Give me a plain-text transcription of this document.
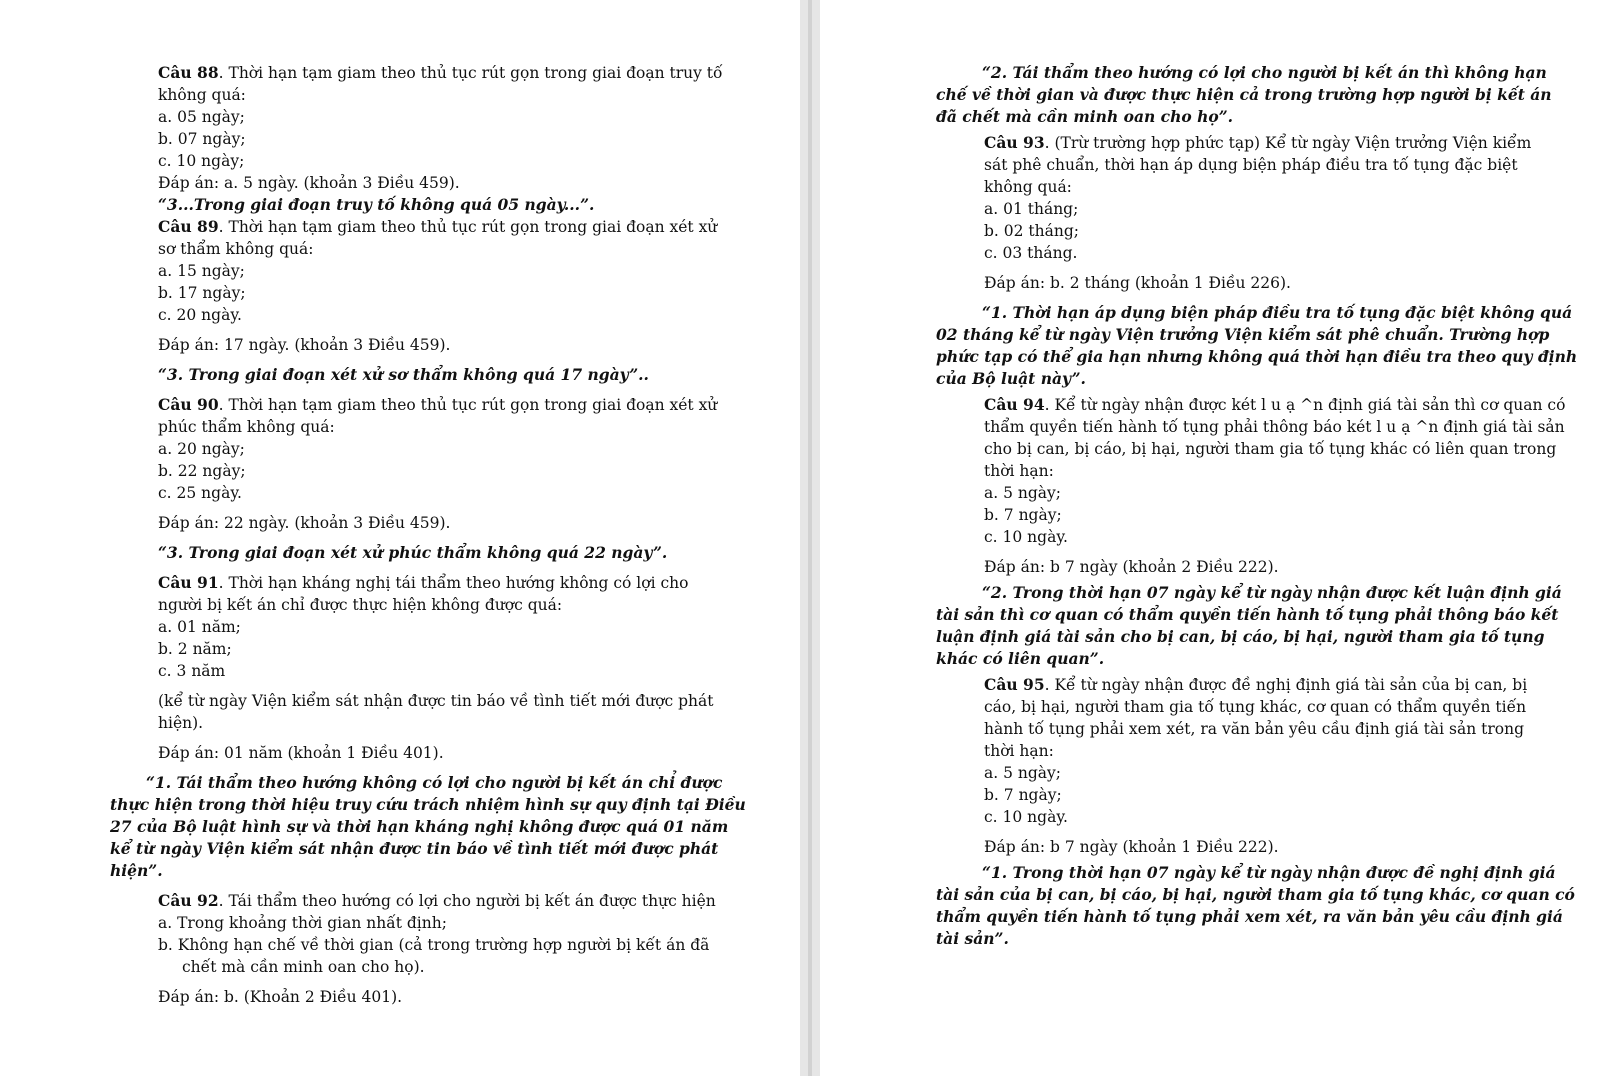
Câu 88. Thời hạn tạm giam theo thủ tục rút gọn trong giai đoạn truy tố
không quá:
a. 05 ngày;
b. 07 ngày;
c. 10 ngày;
Đáp án: a. 5 ngày. (khoản 3 Điều 459).
“3...Trong giai đoạn truy tố không quá 05 ngày...”.
Câu 89. Thời hạn tạm giam theo thủ tục rút gọn trong giai đoạn xét xử
sơ thẩm không quá:
a. 15 ngày;
b. 17 ngày;
c. 20 ngày.
Đáp án: 17 ngày. (khoản 3 Điều 459).
“3. Trong giai đoạn xét xử sơ thẩm không quá 17 ngày”..
Câu 90. Thời hạn tạm giam theo thủ tục rút gọn trong giai đoạn xét xử
phúc thẩm không quá:
a. 20 ngày;
b. 22 ngày;
c. 25 ngày.
Đáp án: 22 ngày. (khoản 3 Điều 459).
“3. Trong giai đoạn xét xử phúc thẩm không quá 22 ngày”.
Câu 91. Thời hạn kháng nghị tái thẩm theo hướng không có lợi cho
người bị kết án chỉ được thực hiện không được quá:
a. 01 năm;
b. 2 năm;
c. 3 năm
(kể từ ngày Viện kiểm sát nhận được tin báo về tình tiết mới được phát
hiện).
Đáp án: 01 năm (khoản 1 Điều 401).
“1. Tái thẩm theo hướng không có lợi cho người bị kết án chỉ được
thực hiện trong thời hiệu truy cứu trách nhiệm hình sự quy định tại Điều
27 của Bộ luật hình sự và thời hạn kháng nghị không được quá 01 năm
kể từ ngày Viện kiểm sát nhận được tin báo về tình tiết mới được phát
hiện”.
Câu 92. Tái thẩm theo hướng có lợi cho người bị kết án được thực hiện
a. Trong khoảng thời gian nhất định;
b. Không hạn chế về thời gian (cả trong trường hợp người bị kết án đã
chết mà cần minh oan cho họ).
Đáp án: b. (Khoản 2 Điều 401).
“2. Tái thẩm theo hướng có lợi cho người bị kết án thì không hạn
chế về thời gian và được thực hiện cả trong trường hợp người bị kết án
đã chết mà cần minh oan cho họ”.
Câu 93. (Trừ trường hợp phức tạp) Kể từ ngày Viện trưởng Viện kiểm
sát phê chuẩn, thời hạn áp dụng biện pháp điều tra tố tụng đặc biệt
không quá:
a. 01 tháng;
b. 02 tháng;
c. 03 tháng.
Đáp án: b. 2 tháng (khoản 1 Điều 226).
“1. Thời hạn áp dụng biện pháp điều tra tố tụng đặc biệt không quá
02 tháng kể từ ngày Viện trưởng Viện kiểm sát phê chuẩn. Trường hợp
phức tạp có thể gia hạn nhưng không quá thời hạn điều tra theo quy định
của Bộ luật này”.
Câu 94. Kể từ ngày nhận được két l u ạ ^n định giá tài sản thì cơ quan có
thẩm quyền tiến hành tố tụng phải thông báo két l u ạ ^n định giá tài sản
cho bị can, bị cáo, bị hại, người tham gia tố tụng khác có liên quan trong
thời hạn:
a. 5 ngày;
b. 7 ngày;
c. 10 ngày.
Đáp án: b 7 ngày (khoản 2 Điều 222).
“2. Trong thời hạn 07 ngày kể từ ngày nhận được kết luận định giá
tài sản thì cơ quan có thẩm quyền tiến hành tố tụng phải thông báo kết
luận định giá tài sản cho bị can, bị cáo, bị hại, người tham gia tố tụng
khác có liên quan”.
Câu 95. Kể từ ngày nhận được đề nghị định giá tài sản của bị can, bị
cáo, bị hại, người tham gia tố tụng khác, cơ quan có thẩm quyền tiến
hành tố tụng phải xem xét, ra văn bản yêu cầu định giá tài sản trong
thời hạn:
a. 5 ngày;
b. 7 ngày;
c. 10 ngày.
Đáp án: b 7 ngày (khoản 1 Điều 222).
“1. Trong thời hạn 07 ngày kể từ ngày nhận được đề nghị định giá
tài sản của bị can, bị cáo, bị hại, người tham gia tố tụng khác, cơ quan có
thẩm quyền tiến hành tố tụng phải xem xét, ra văn bản yêu cầu định giá
tài sản”.
